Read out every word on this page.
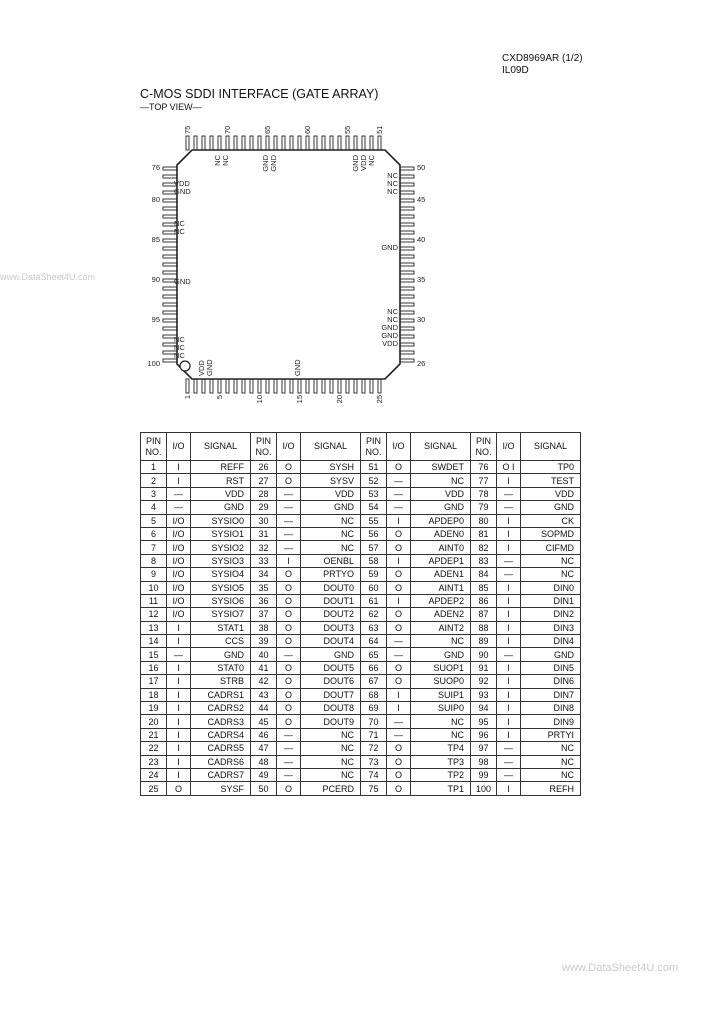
CXD8969AR (1/2)
IL09D
C-MOS SDDI INTERFACE (GATE ARRAY)
—TOP VIEW—
www.DataSheet4U.com
www.DataSheet4U.com
75	70	65	60	55	51
1	5	10	15	20	25
76
80
85
90
95
100
50
45
40
35
30
26
NC NC	GND GND	GND VDD NC
VDD
GND
NC
NC
GND
NC
NC
NC
NC
NC
NC
GND
NC
NC
GND
GND
VDD
VDD GND	GND
PIN NO.	I/O	SIGNAL	PIN NO.	I/O	SIGNAL	PIN NO.	I/O	SIGNAL	PIN NO.	I/O	SIGNAL
1	I	REFF	26	O	SYSH	51	O	SWDET	76	O I	TP0
2	I	RST	27	O	SYSV	52	—	NC	77	I	TEST
3	—	VDD	28	—	VDD	53	—	VDD	78	—	VDD
4	—	GND	29	—	GND	54	—	GND	79	—	GND
5	I/O	SYSIO0	30	—	NC	55	I	APDEP0	80	I	CK
6	I/O	SYSIO1	31	—	NC	56	O	ADEN0	81	I	SOPMD
7	I/O	SYSIO2	32	—	NC	57	O	AINT0	82	I	CIFMD
8	I/O	SYSIO3	33	I	OENBL	58	I	APDEP1	83	—	NC
9	I/O	SYSIO4	34	O	PRTYO	59	O	ADEN1	84	—	NC
10	I/O	SYSIO5	35	O	DOUT0	60	O	AINT1	85	I	DIN0
11	I/O	SYSIO6	36	O	DOUT1	61	I	APDEP2	86	I	DIN1
12	I/O	SYSIO7	37	O	DOUT2	62	O	ADEN2	87	I	DIN2
13	I	STAT1	38	O	DOUT3	63	O	AINT2	88	I	DIN3
14	I	CCS	39	O	DOUT4	64	—	NC	89	I	DIN4
15	—	GND	40	—	GND	65	—	GND	90	—	GND
16	I	STAT0	41	O	DOUT5	66	O	SUOP1	91	I	DIN5
17	I	STRB	42	O	DOUT6	67	O	SUOP0	92	I	DIN6
18	I	CADRS1	43	O	DOUT7	68	I	SUIP1	93	I	DIN7
19	I	CADRS2	44	O	DOUT8	69	I	SUIP0	94	I	DIN8
20	I	CADRS3	45	O	DOUT9	70	—	NC	95	I	DIN9
21	I	CADRS4	46	—	NC	71	—	NC	96	I	PRTYI
22	I	CADRS5	47	—	NC	72	O	TP4	97	—	NC
23	I	CADRS6	48	—	NC	73	O	TP3	98	—	NC
24	I	CADRS7	49	—	NC	74	O	TP2	99	—	NC
25	O	SYSF	50	O	PCERD	75	O	TP1	100	I	REFH
